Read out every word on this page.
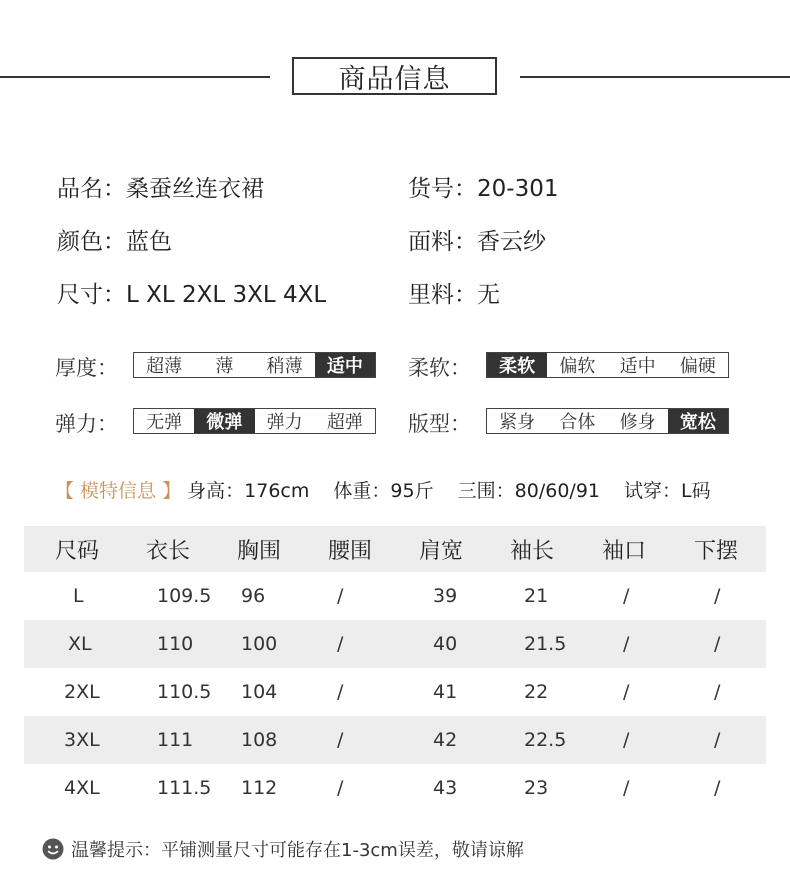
商品信息
品名：桑蚕丝连衣裙	货号：20-301
颜色：蓝色	面料：香云纱
尺寸：L XL 2XL 3XL 4XL	里料：无
厚度：	超薄	薄	稍薄	适中	柔软：	柔软	偏软	适中	偏硬
弹力：	无弹	微弹	弹力	超弹	版型：	紧身	合体	修身	宽松
【 模特信息 】 身高：176cm 体重：95斤 三围：80/60/91 试穿：L码
尺码 衣长 胸围 腰围 肩宽 袖长 袖口 下摆
L	109.5 96	/	39	21	/	/
XL	110	100	/	40	21.5	/	/
2XL	110.5 104	/	41	22	/	/
3XL	111	108	/	42	22.5	/	/
4XL	111.5 112	/	43	23	/	/
温馨提示：平铺测量尺寸可能存在1-3cm误差，敬请谅解
